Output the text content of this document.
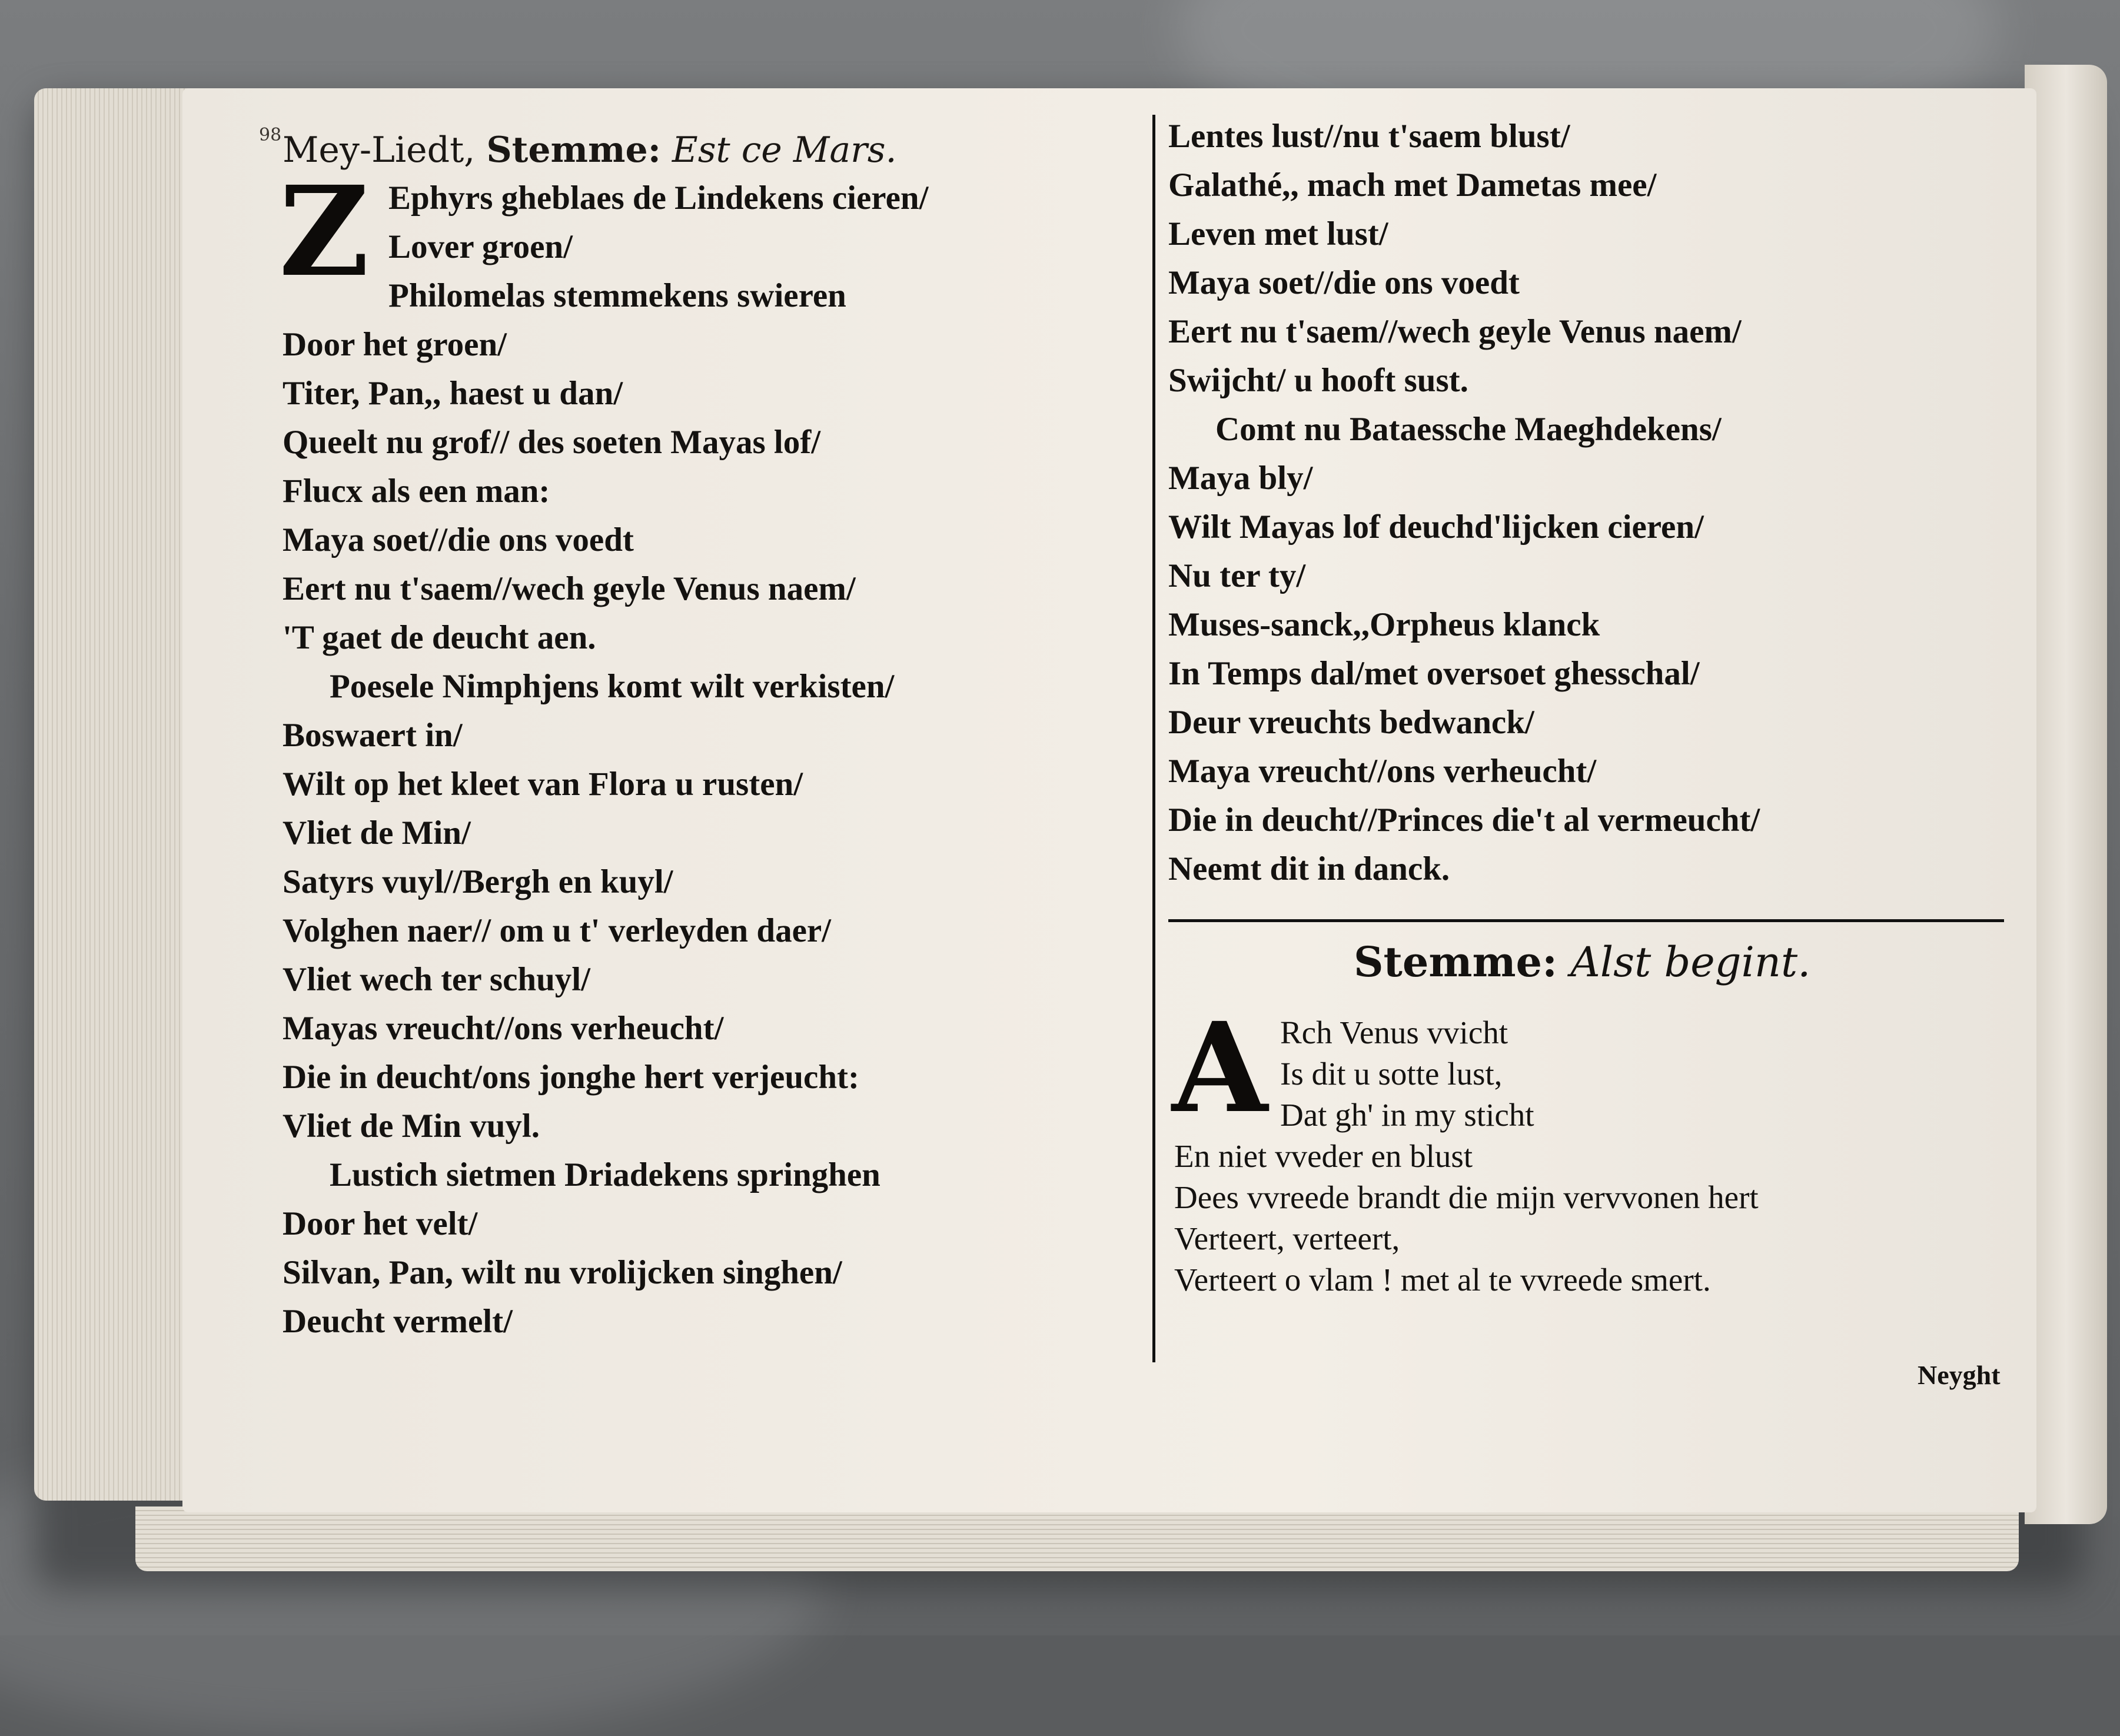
98 Mey-Liedt, Stemme: Est ce Mars.
Z Ephyrs gheblaes de Lindekens cieren/
Lover groen/
Philomelas stemmekens swieren
Door het groen/
Titer, Pan,, haest u dan/
Queelt nu grof// des soeten Mayas lof/
Flucx als een man:
Maya soet//die ons voedt
Eert nu t'saem//wech geyle Venus naem/
'T gaet de deucht aen.
Poesele Nimphjens komt wilt verkisten/
Boswaert in/
Wilt op het kleet van Flora u rusten/
Vliet de Min/
Satyrs vuyl//Bergh en kuyl/
Volghen naer// om u t' verleyden daer/
Vliet wech ter schuyl/
Mayas vreucht//ons verheucht/
Die in deucht/ons jonghe hert verjeucht:
Vliet de Min vuyl.
Lustich sietmen Driadekens springhen
Door het velt/
Silvan, Pan, wilt nu vrolijcken singhen/
Deucht vermelt/
Lentes lust//nu t'saem blust/
Galathé,, mach met Dametas mee/
Leven met lust/
Maya soet//die ons voedt
Eert nu t'saem//wech geyle Venus naem/
Swijcht/ u hooft sust.
Comt nu Bataessche Maeghdekens/
Maya bly/
Wilt Mayas lof deuchd'lijcken cieren/
Nu ter ty/
Muses-sanck,,Orpheus klanck
In Temps dal/met oversoet ghesschal/
Deur vreuchts bedwanck/
Maya vreucht//ons verheucht/
Die in deucht//Princes die't al vermeucht/
Neemt dit in danck.
Stemme: Alst begint.
A Rch Venus vvicht
Is dit u sotte lust,
Dat gh' in my sticht
En niet vveder en blust
Dees vvreede brandt die mijn vervvonen hert
Verteert, verteert,
Verteert o vlam ! met al te vvreede smert.
Neyght
